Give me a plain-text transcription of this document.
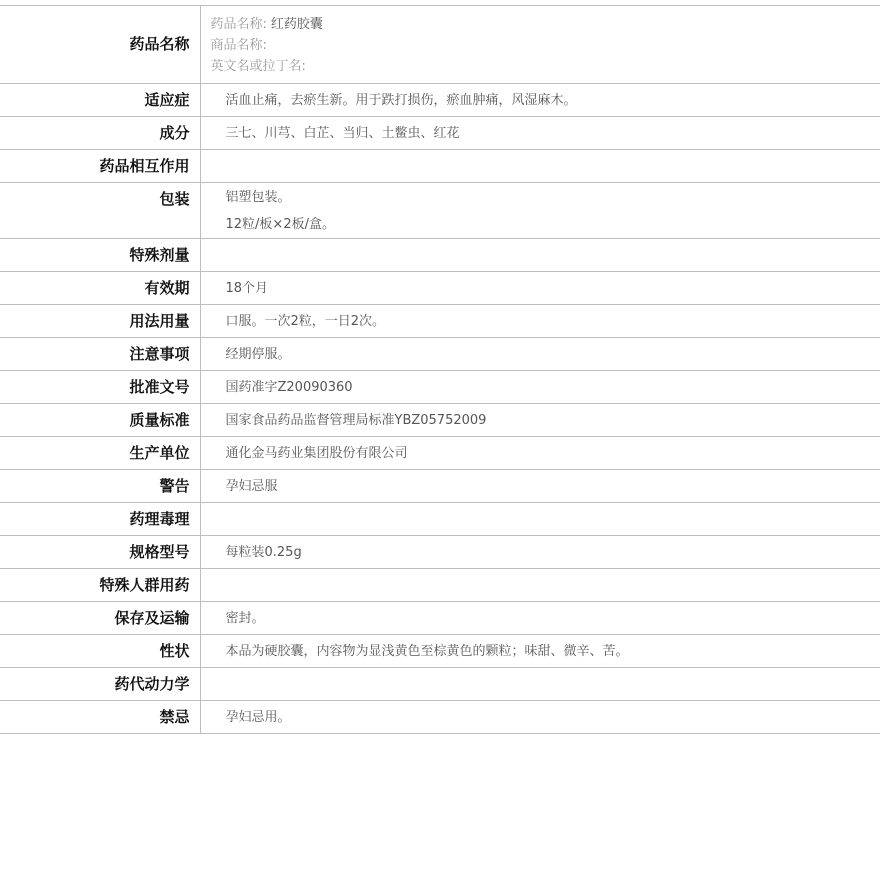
药品名称	药品名称: 红药胶囊
商品名称:
英文名或拉丁名:

适应症	活血止痛，去瘀生新。用于跌打损伤，瘀血肿痛，风湿麻木。
成分	三七、川芎、白芷、当归、土鳖虫、红花
药品相互作用	
包装	铝塑包装。
12粒/板×2板/盒。

特殊剂量	
有效期	18个月
用法用量	口服。一次2粒，一日2次。
注意事项	经期停服。
批准文号	国药准字Z20090360
质量标准	国家食品药品监督管理局标准YBZ05752009
生产单位	通化金马药业集团股份有限公司
警告	孕妇忌服
药理毒理	
规格型号	每粒装0.25g
特殊人群用药	
保存及运输	密封。
性状	本品为硬胶囊，内容物为显浅黄色至棕黄色的颗粒；味甜、微辛、苦。
药代动力学	
禁忌	孕妇忌用。
